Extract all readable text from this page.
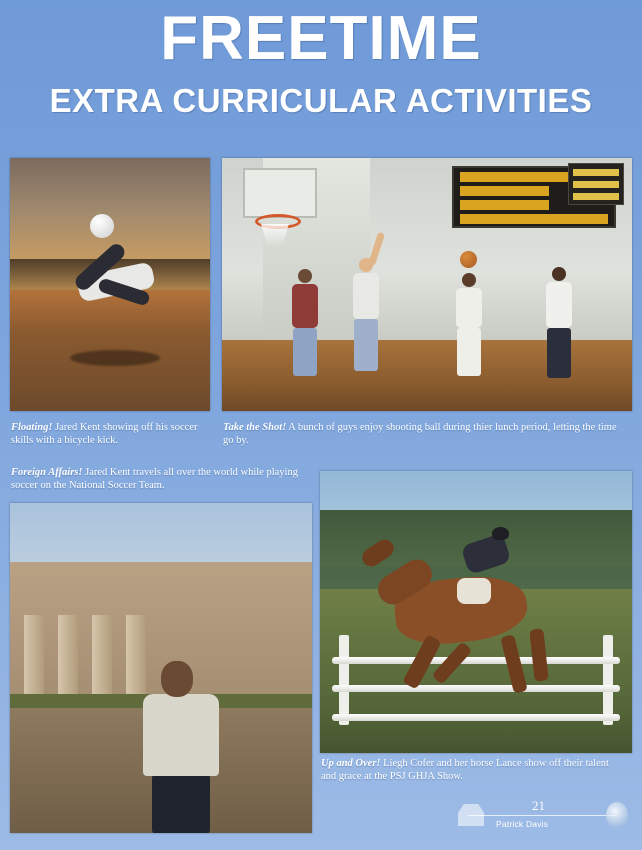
FREETIME
EXTRA CURRICULAR ACTIVITIES
Floating! Jared Kent showing off his soccer skills with a bicycle kick.
Take the Shot! A bunch of guys enjoy shooting ball during thier lunch period, letting the time go by.
Foreign Affairs! Jared Kent travels all over the world while playing soccer on the National Soccer Team.
Up and Over! Liegh Cofer and her horse Lance show off their talent and grace at the PSJ GHJA Show.
21
Patrick Davis
